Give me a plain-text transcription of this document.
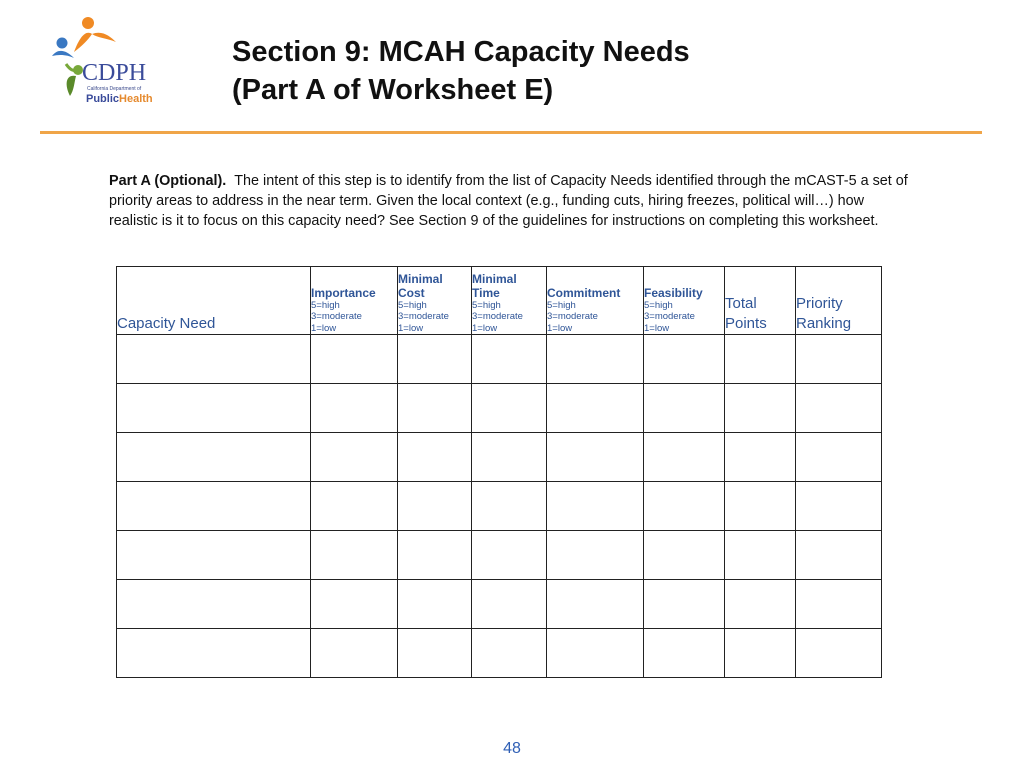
CDPH
California Department of
PublicHealth
Section 9: MCAH Capacity Needs
(Part A of Worksheet E)
Part A (Optional). The intent of this step is to identify from the list of Capacity Needs identified through the mCAST-5 a set of priority areas to address in the near term. Given the local context (e.g., funding cuts, hiring freezes, political will…) how realistic is it to focus on this capacity need? See Section 9 of the guidelines for instructions on completing this worksheet.
Capacity Need	Importance
5=high
3=moderate
1=low	Minimal Cost
5=high
3=moderate
1=low	Minimal Time
5=high
3=moderate
1=low	Commitment
5=high
3=moderate
1=low	Feasibility
5=high
3=moderate
1=low	Total Points	Priority Ranking

48
